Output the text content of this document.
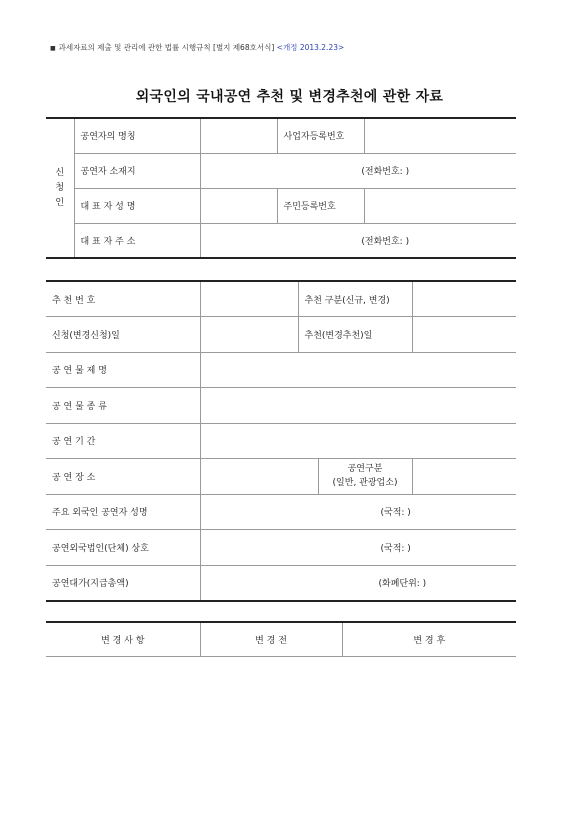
■ 과세자료의 제출 및 관리에 관한 법률 시행규칙 [별지 제68호서식] <개정 2013.2.23>
외국인의 국내공연 추천 및 변경추천에 관한 자료
신
청
인	공연자의 명칭		사업자등록번호	
	공연자 소재지	(전화번호: )		
	대 표 자 성 명		주민등록번호	
	대 표 자 주 소	(전화번호: )		
추 천 번 호		추천 구분(신규, 변경)		
신청(변경신청)일		추천(변경추천)일		
공 연 물 제 명				
공 연 물 종 류				
공 연 기 간				
공 연 장 소			공연구분
(일반, 관광업소)	
주요 외국인 공연자 성명	(국적: )			
공연외국법인(단체) 상호	(국적: )			
공연대가(지급총액)	(화폐단위: )			
변 경 사 항	변 경 전	변 경 후
